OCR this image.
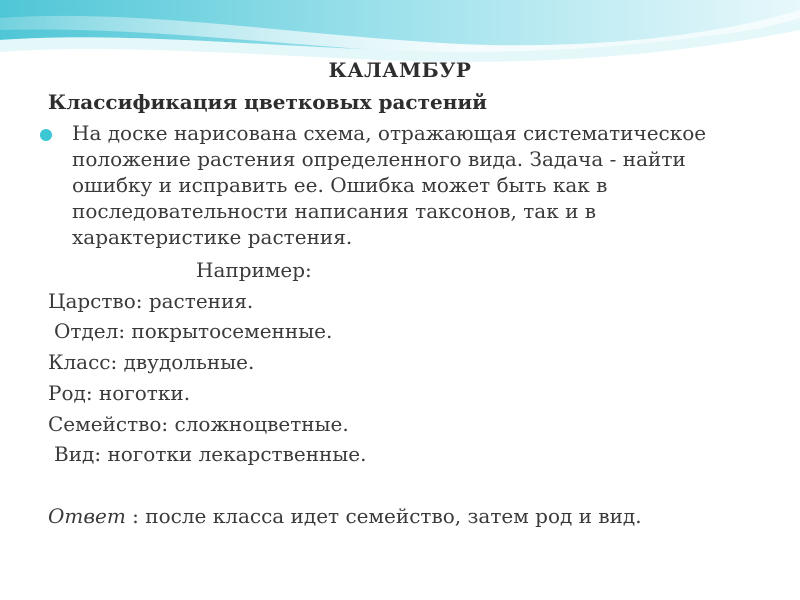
КАЛАМБУР
Классификация цветковых растений
На доске нарисована схема, отражающая систематическое положение растения определенного вида. Задача - найти ошибку и исправить ее. Ошибка может быть как в последовательности написания таксонов, так и в характеристике растения.
Например:
Царство: растения.
Отдел: покрытосеменные.
Класс: двудольные.
Род: ноготки.
Семейство: сложноцветные.
Вид: ноготки лекарственные.
Ответ : после класса идет семейство, затем род и вид.
